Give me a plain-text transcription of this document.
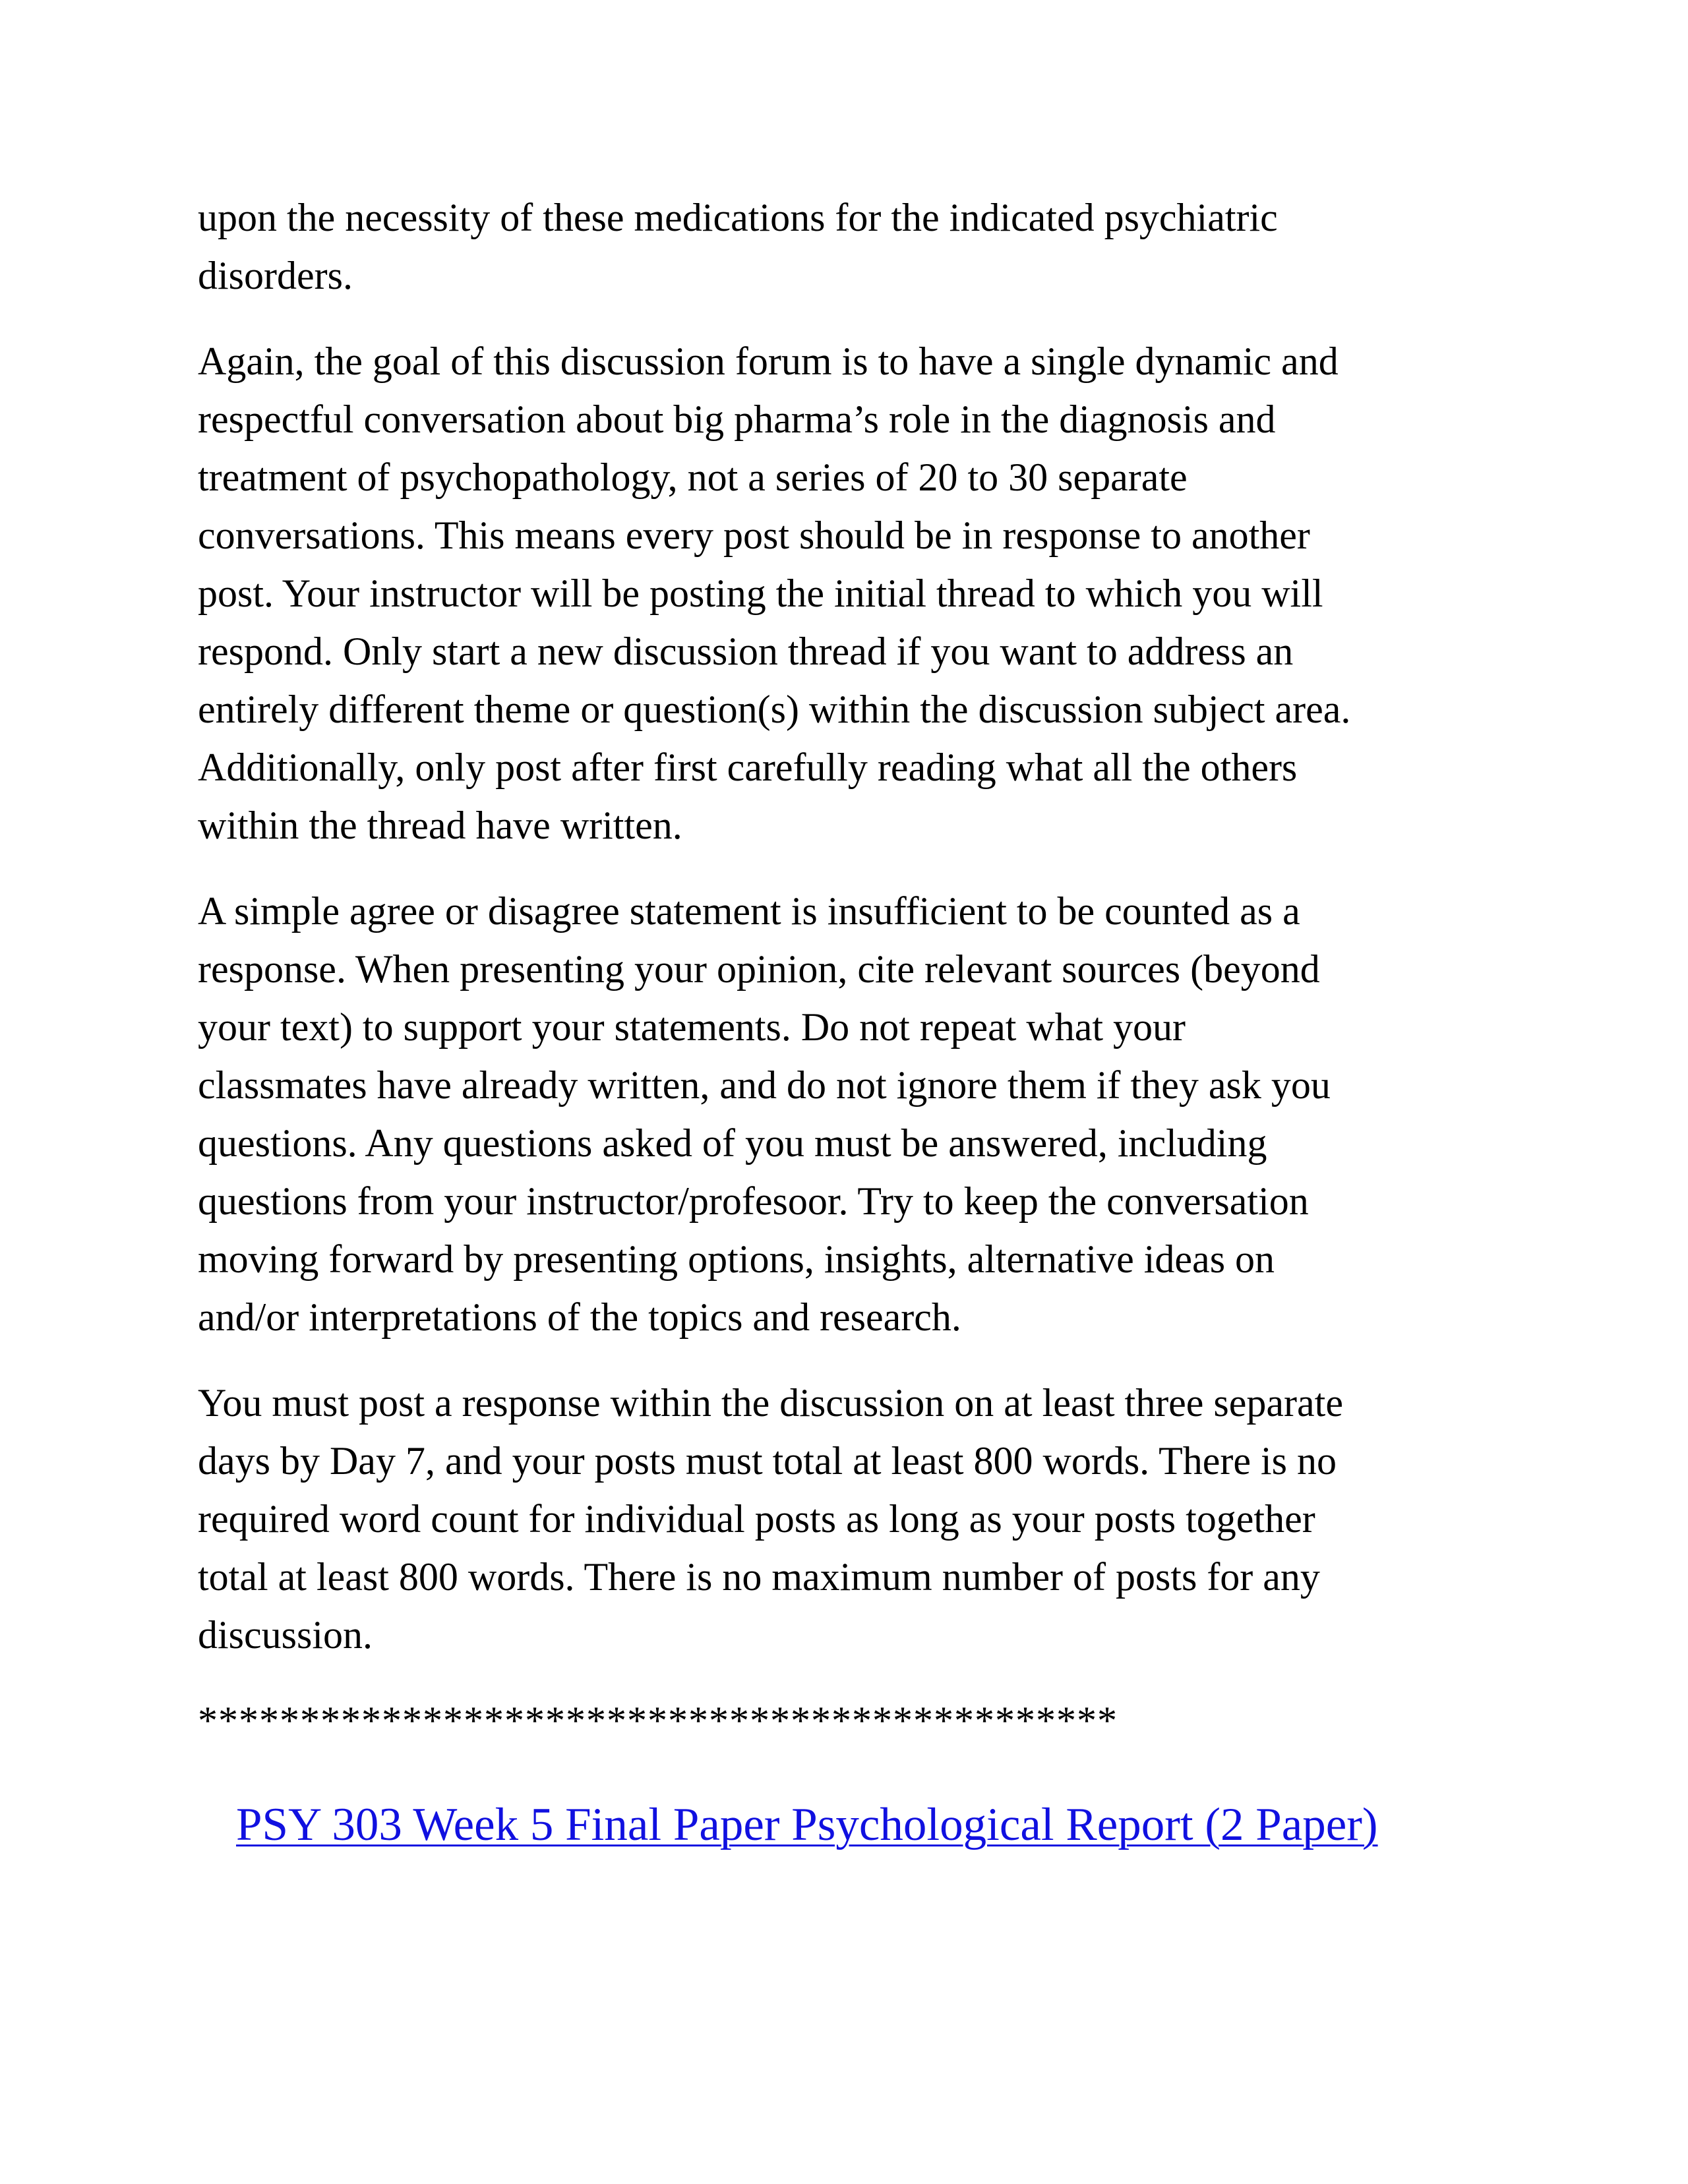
upon the necessity of these medications for the indicated psychiatric
disorders.

Again, the goal of this discussion forum is to have a single dynamic and
respectful conversation about big pharma’s role in the diagnosis and
treatment of psychopathology, not a series of 20 to 30 separate
conversations. This means every post should be in response to another
post. Your instructor will be posting the initial thread to which you will
respond. Only start a new discussion thread if you want to address an
entirely different theme or question(s) within the discussion subject area.
Additionally, only post after first carefully reading what all the others
within the thread have written.

A simple agree or disagree statement is insufficient to be counted as a
response. When presenting your opinion, cite relevant sources (beyond
your text) to support your statements. Do not repeat what your
classmates have already written, and do not ignore them if they ask you
questions. Any questions asked of you must be answered, including
questions from your instructor/profesoor. Try to keep the conversation
moving forward by presenting options, insights, alternative ideas on
and/or interpretations of the topics and research.

You must post a response within the discussion on at least three separate
days by Day 7, and your posts must total at least 800 words. There is no
required word count for individual posts as long as your posts together
total at least 800 words. There is no maximum number of posts for any
discussion.

*********************************************
PSY 303 Week 5 Final Paper Psychological Report (2 Paper)
